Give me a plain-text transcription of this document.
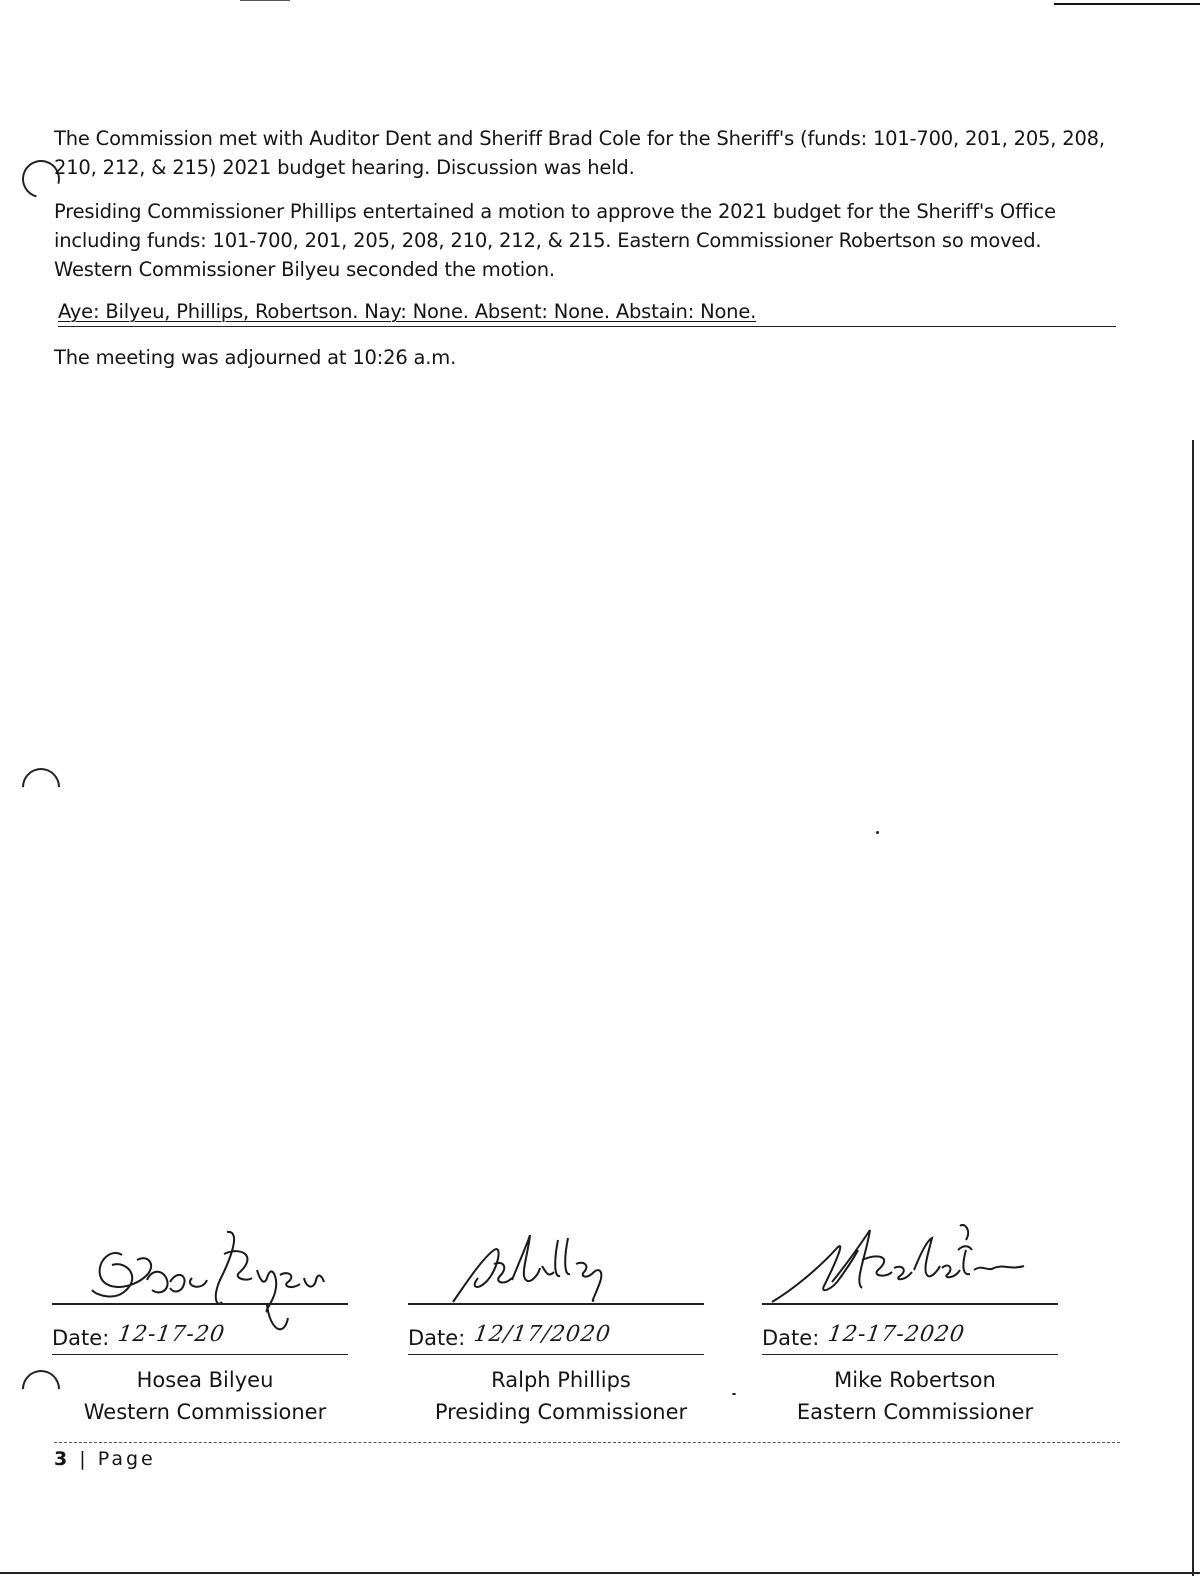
The Commission met with Auditor Dent and Sheriff Brad Cole for the Sheriff's (funds: 101-700, 201, 205, 208, 210, 212, & 215) 2021 budget hearing. Discussion was held.
Presiding Commissioner Phillips entertained a motion to approve the 2021 budget for the Sheriff's Office including funds: 101-700, 201, 205, 208, 210, 212, & 215. Eastern Commissioner Robertson so moved. Western Commissioner Bilyeu seconded the motion.
Aye: Bilyeu, Phillips, Robertson. Nay: None. Absent: None. Abstain: None.
The meeting was adjourned at 10:26 a.m.
Date: 12-17-20
Hosea Bilyeu
Western Commissioner
Date: 12/17/2020
Ralph Phillips
Presiding Commissioner
Date: 12-17-2020
Mike Robertson
Eastern Commissioner
3 | Page
